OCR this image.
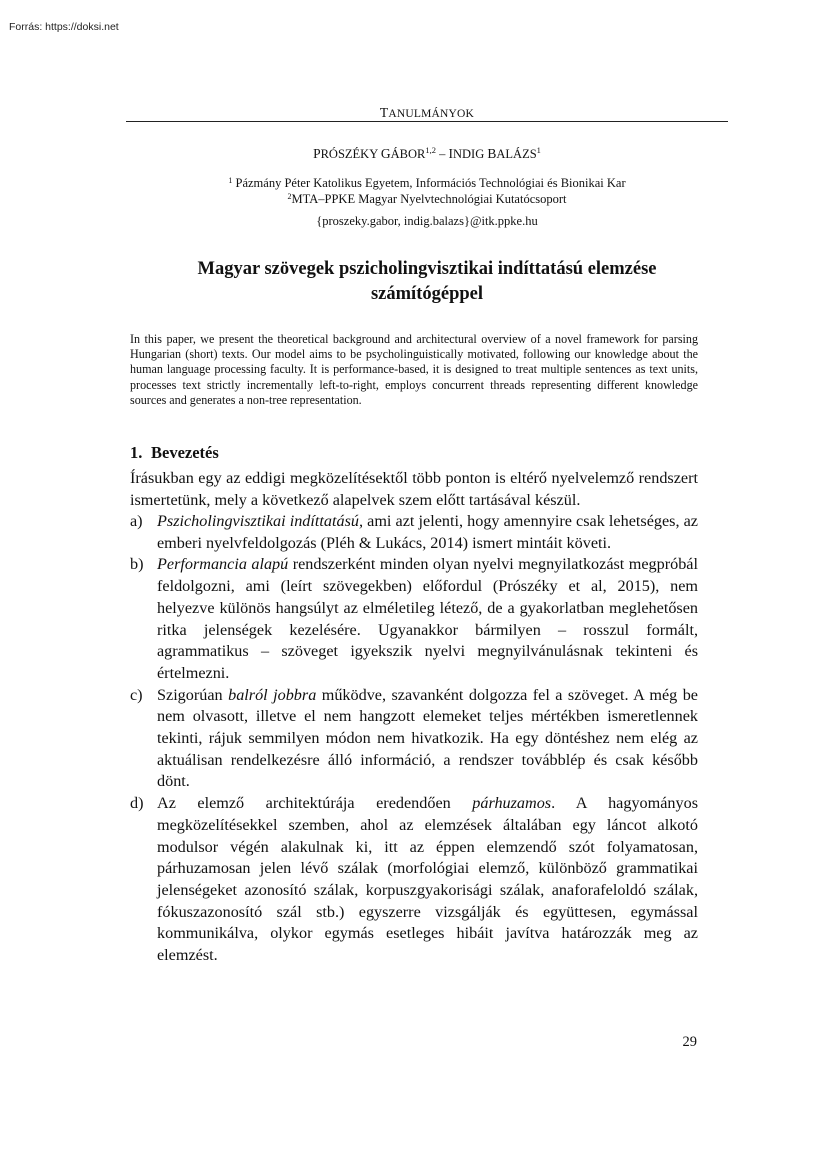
Forrás: https://doksi.net
TANULMÁNYOK
PRÓSZÉKY GÁBOR$^{1,2}$ – INDIG BALÁZS$^1$
$^1$ Pázmány Péter Katolikus Egyetem, Információs Technológiai és Bionikai Kar
$^2$MTA–PPKE Magyar Nyelvtechnológiai Kutatócsoport
{proszeky.gabor, indig.balazs}@itk.ppke.hu
Magyar szövegek pszicholingvisztikai indíttatású elemzése számítógéppel

In this paper, we present the theoretical background and architectural overview of a novel framework for parsing Hungarian (short) texts. Our model aims to be psycholinguistically motivated, following our knowledge about the human language processing faculty. It is performance-based, it is designed to treat multiple sentences as text units, processes text strictly incrementally left-to-right, employs concurrent threads representing different knowledge sources and generates a non-tree representation.

1. Bevezetés

Írásukban egy az eddigi megközelítésektől több ponton is eltérő nyelvelemző rendszert ismertetünk, mely a következő alapelvek szem előtt tartásával készül.

a) Pszicholingvisztikai indíttatású, ami azt jelenti, hogy amennyire csak lehetséges, az emberi nyelvfeldolgozás (Pléh & Lukács, 2014) ismert mintáit követi.
b) Performancia alapú rendszerként minden olyan nyelvi megnyilatkozást megpróbál feldolgozni, ami (leírt szövegekben) előfordul (Prószéky et al, 2015), nem helyezve különös hangsúlyt az elméletileg létező, de a gyakorlatban meglehetősen ritka jelenségek kezelésére. Ugyanakkor bármilyen – rosszul formált, agrammatikus – szöveget igyekszik nyelvi megnyilvánulásnak tekinteni és értelmezni.
c) Szigorúan balról jobbra működve, szavanként dolgozza fel a szöveget. A még be nem olvasott, illetve el nem hangzott elemeket teljes mértékben ismeretlennek tekinti, rájuk semmilyen módon nem hivatkozik. Ha egy döntéshez nem elég az aktuálisan rendelkezésre álló információ, a rendszer továbblép és csak később dönt.
d) Az elemző architektúrája eredendően párhuzamos. A hagyományos megközelítésekkel szemben, ahol az elemzések általában egy láncot alkotó modulsor végén alakulnak ki, itt az éppen elemzendő szót folyamatosan, párhuzamosan jelen lévő szálak (morfológiai elemző, különböző grammatikai jelenségeket azonosító szálak, korpuszgyakorisági szálak, anaforafeloldó szálak, fókuszazonosító szál stb.) egyszerre vizsgálják és együttesen, egymással kommunikálva, olykor egymás esetleges hibáit javítva határozzák meg az elemzést.
29
